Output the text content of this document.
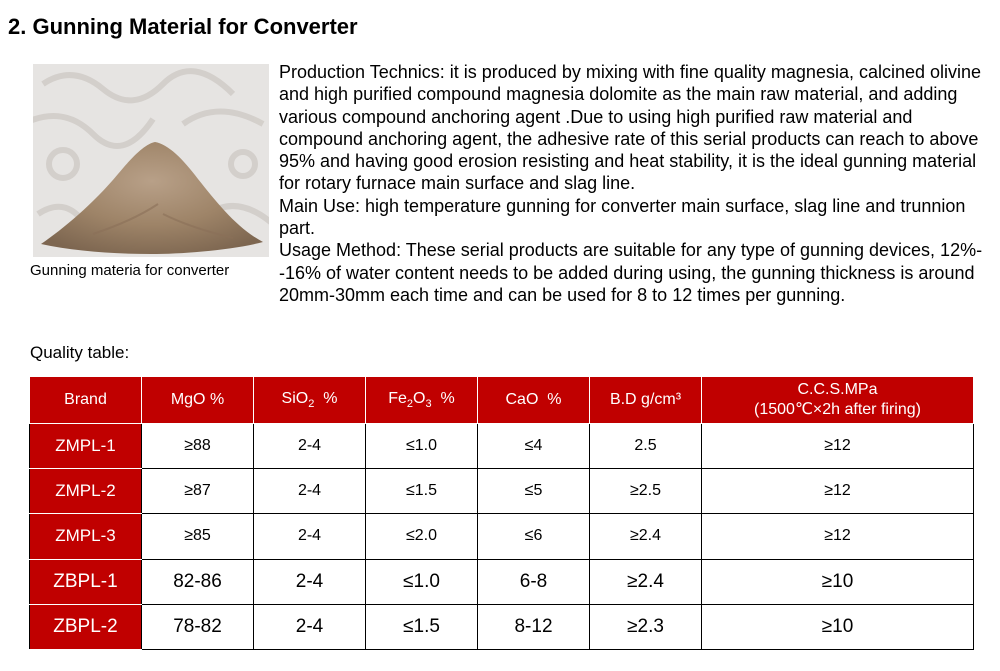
2. Gunning Material for Converter
Gunning materia for converter

Production Technics: it is produced by mixing with fine quality magnesia, calcined olivine and high purified compound magnesia dolomite as the main raw material, and adding various compound anchoring agent .Due to using high purified raw material and compound anchoring agent, the adhesive rate of this serial products can reach to above 95% and having good erosion resisting and heat stability, it is the ideal gunning material for rotary furnace main surface and slag line.

Main Use: high temperature gunning for converter main surface, slag line and trunnion part.

Usage Method: These serial products are suitable for any type of gunning devices, 12%--16% of water content needs to be added during using, the gunning thickness is around 20mm-30mm each time and can be used for 8 to 12 times per gunning.

Quality table:
Brand	MgO %	SiO$_2$  %	$Fe_2O_3$  %	CaO  %	B.D g/cm³	C.C.S.MPa
(1500℃×2h after firing)

ZMPL-1	≥88	2-4	≤1.0	≤4	2.5	≥12
ZMPL-2	≥87	2-4	≤1.5	≤5	≥2.5	≥12
ZMPL-3	≥85	2-4	≤2.0	≤6	≥2.4	≥12
ZBPL-1	82-86	2-4	≤1.0	6-8	≥2.4	≥10
ZBPL-2	78-82	2-4	≤1.5	8-12	≥2.3	≥10
